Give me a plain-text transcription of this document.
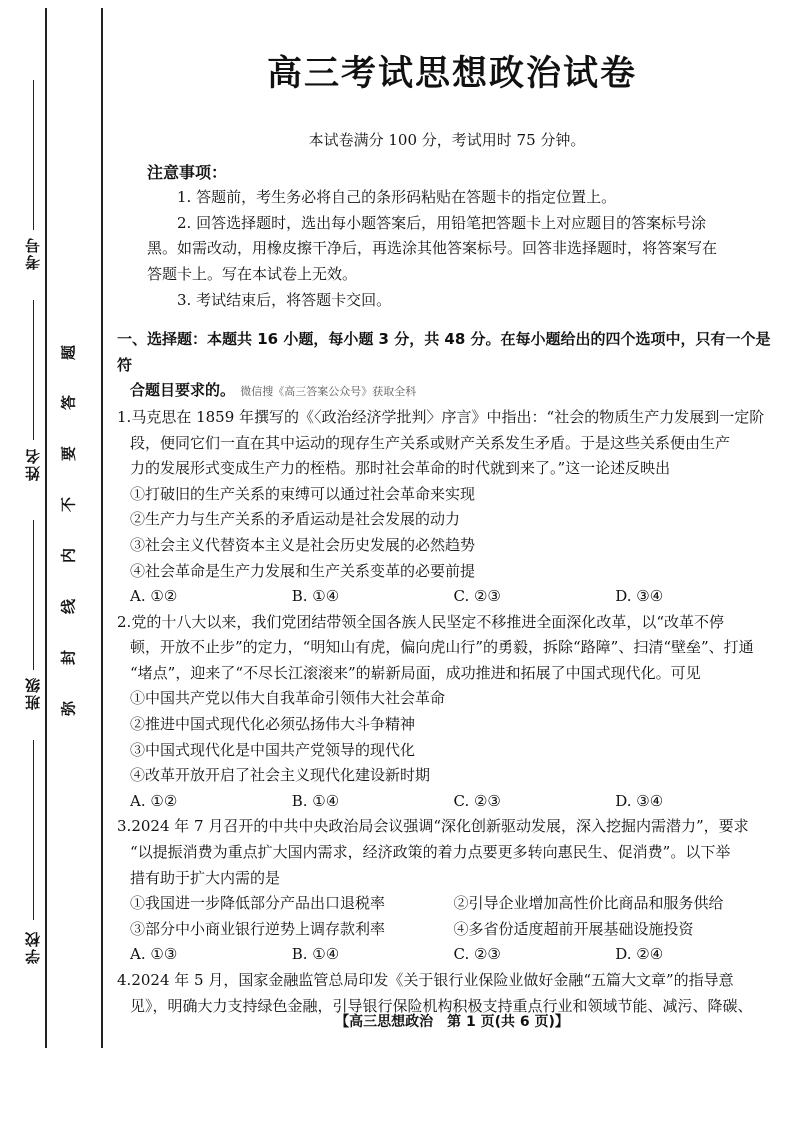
考号
姓名
班级
学校
题
答
要
不
内
线
封
弥
高三考试思想政治试卷

本试卷满分 100 分，考试用时 75 分钟。

注意事项：

1. 答题前，考生务必将自己的条形码粘贴在答题卡的指定位置上。

2. 回答选择题时，选出每小题答案后，用铅笔把答题卡上对应题目的答案标号涂

黑。如需改动，用橡皮擦干净后，再选涂其他答案标号。回答非选择题时，将答案写在

答题卡上。写在本试卷上无效。

3. 考试结束后，将答题卡交回。

一、选择题：本题共 16 小题，每小题 3 分，共 48 分。在每小题给出的四个选项中，只有一个是符

合题目要求的。 微信搜《高三答案公众号》获取全科

1.马克思在 1859 年撰写的《〈政治经济学批判〉序言》中指出：“社会的物质生产力发展到一定阶

段，便同它们一直在其中运动的现存生产关系或财产关系发生矛盾。于是这些关系便由生产

力的发展形式变成生产力的桎梏。那时社会革命的时代就到来了。”这一论述反映出

①打破旧的生产关系的束缚可以通过社会革命来实现

②生产力与生产关系的矛盾运动是社会发展的动力

③社会主义代替资本主义是社会历史发展的必然趋势

④社会革命是生产力发展和生产关系变革的必要前提

A. ①②	B. ①④	C. ②③	D. ③④

2.党的十八大以来，我们党团结带领全国各族人民坚定不移推进全面深化改革，以“改革不停

顿，开放不止步”的定力，“明知山有虎，偏向虎山行”的勇毅，拆除“路障”、扫清“壁垒”、打通

“堵点”，迎来了“不尽长江滚滚来”的崭新局面，成功推进和拓展了中国式现代化。可见

①中国共产党以伟大自我革命引领伟大社会革命

②推进中国式现代化必须弘扬伟大斗争精神

③中国式现代化是中国共产党领导的现代化

④改革开放开启了社会主义现代化建设新时期

A. ①②	B. ①④	C. ②③	D. ③④

3.2024 年 7 月召开的中共中央政治局会议强调“深化创新驱动发展，深入挖掘内需潜力”，要求

“以提振消费为重点扩大国内需求，经济政策的着力点要更多转向惠民生、促消费”。以下举

措有助于扩大内需的是

①我国进一步降低部分产品出口退税率	②引导企业增加高性价比商品和服务供给
③部分中小商业银行逆势上调存款利率	④多省份适度超前开展基础设施投资
A. ①③	B. ①④	C. ②③	D. ②④

4.2024 年 5 月，国家金融监管总局印发《关于银行业保险业做好金融“五篇大文章”的指导意

见》，明确大力支持绿色金融，引导银行保险机构积极支持重点行业和领域节能、减污、降碳、

【高三思想政治　第 1 页(共 6 页)】
